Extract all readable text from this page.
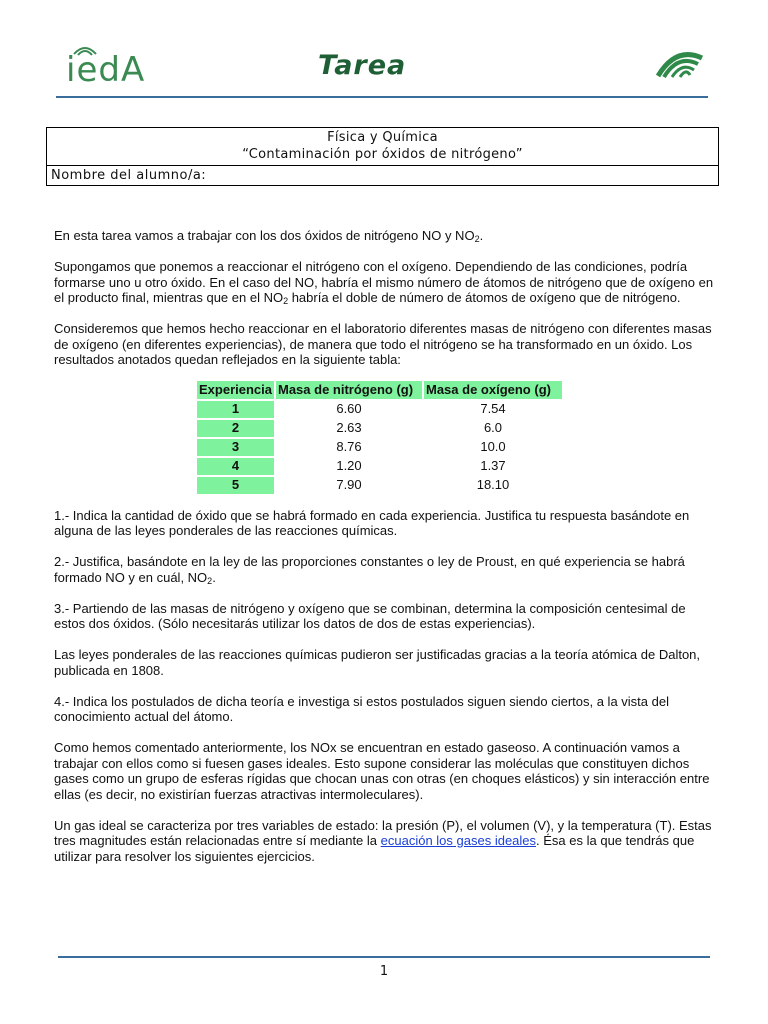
iedA	Tarea
Física y Química
“Contaminación por óxidos de nitrógeno”
Nombre del alumno/a:

En esta tarea vamos a trabajar con los dos óxidos de nitrógeno NO y $NO_2$.

Supongamos que ponemos a reaccionar el nitrógeno con el oxígeno. Dependiendo de las condiciones, podría formarse uno u otro óxido. En el caso del NO, habría el mismo número de átomos de nitrógeno que de oxígeno en el producto final, mientras que en el $NO_2$ habría el doble de número de átomos de oxígeno que de nitrógeno.

Consideremos que hemos hecho reaccionar en el laboratorio diferentes masas de nitrógeno con diferentes masas de oxígeno (en diferentes experiencias), de manera que todo el nitrógeno se ha transformado en un óxido. Los resultados anotados quedan reflejados en la siguiente tabla:

Experiencia	Masa de nitrógeno (g)	Masa de oxígeno (g)
1	6.60	7.54
2	2.63	6.0
3	8.76	10.0
4	1.20	1.37
5	7.90	18.10

1.- Indica la cantidad de óxido que se habrá formado en cada experiencia. Justifica tu respuesta basándote en alguna de las leyes ponderales de las reacciones químicas.

2.- Justifica, basándote en la ley de las proporciones constantes o ley de Proust, en qué experiencia se habrá formado NO y en cuál, $NO_2$.

3.- Partiendo de las masas de nitrógeno y oxígeno que se combinan, determina la composición centesimal de estos dos óxidos. (Sólo necesitarás utilizar los datos de dos de estas experiencias).

Las leyes ponderales de las reacciones químicas pudieron ser justificadas gracias a la teoría atómica de Dalton, publicada en 1808.

4.- Indica los postulados de dicha teoría e investiga si estos postulados siguen siendo ciertos, a la vista del conocimiento actual del átomo.

Como hemos comentado anteriormente, los NOx se encuentran en estado gaseoso. A continuación vamos a trabajar con ellos como si fuesen gases ideales. Esto supone considerar las moléculas que constituyen dichos gases como un grupo de esferas rígidas que chocan unas con otras (en choques elásticos) y sin interacción entre ellas (es decir, no existirían fuerzas atractivas intermoleculares).

Un gas ideal se caracteriza por tres variables de estado: la presión (P), el volumen (V), y la temperatura (T). Estas tres magnitudes están relacionadas entre sí mediante la ecuación los gases ideales. Ésa es la que tendrás que utilizar para resolver los siguientes ejercicios.

1
